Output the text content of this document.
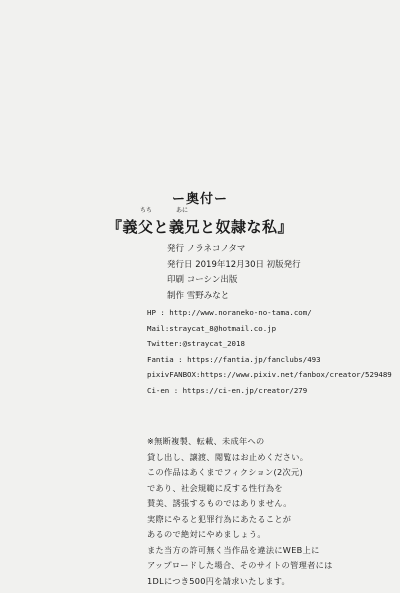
ー奥付ー
ちち	あに
『義父と義兄と奴隷な私』
発行 ノラネコノタマ
発行日 2019年12月30日 初版発行
印刷 コーシン出版
制作 雪野みなと
HP : http://www.noraneko-no-tama.com/
Mail:straycat_8@hotmail.co.jp
Twitter:@straycat_2018
Fantia : https://fantia.jp/fanclubs/493
pixivFANBOX:https://www.pixiv.net/fanbox/creator/529489
Ci-en : https://ci-en.jp/creator/279
※無断複製、転載、未成年への
貸し出し、譲渡、閲覧はお止めください。
この作品はあくまでフィクション(2次元)
であり、社会規範に反する性行為を
賛美、誘張するものではありません。
実際にやると犯罪行為にあたることが
あるので絶対にやめましょう。
また当方の許可無く当作品を違法にWEB上に
アップロードした場合、そのサイトの管理者には
1DLにつき500円を請求いたします。
